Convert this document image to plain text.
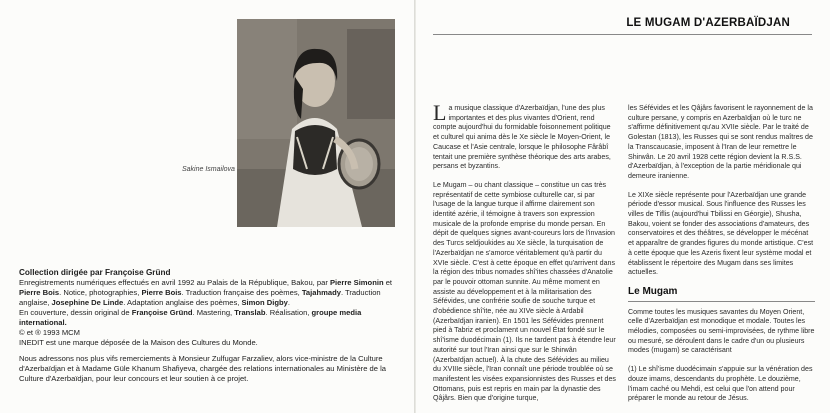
Sakine Ismailova
Collection dirigée par Françoise Gründ
Enregistrements numériques effectués en avril 1992 au Palais de la République, Bakou, par Pierre Simonin et Pierre Bois. Notice, photographies, Pierre Bois. Traduction française des poèmes, Tajahmady. Traduction anglaise, Josephine De Linde. Adaptation anglaise des poèmes, Simon Digby.
En couverture, dessin original de Françoise Gründ. Mastering, Translab. Réalisation, groupe media international.
© et ® 1993 MCM
INEDIT est une marque déposée de la Maison des Cultures du Monde.
Nous adressons nos plus vifs remerciements à Monsieur Zulfugar Farzaliev, alors vice-ministre de la Culture d'Azerbaïdjan et à Madame Güle Khanum Shafiyeva, chargée des relations internationales au Ministère de la Culture d'Azerbaïdjan, pour leur concours et leur soutien à ce projet.
LE MUGAM D'AZERBAÏDJAN

La musique classique d'Azerbaïdjan, l'une des plus importantes et des plus vivantes d'Orient, rend compte aujourd'hui du formidable foisonnement politique et culturel qui anima dès le Xe siècle le Moyen-Orient, le Caucase et l'Asie centrale, lorsque le philosophe Fârâbî tentait une première synthèse théorique des arts arabes, persans et byzantins.

Le Mugam – ou chant classique – constitue un cas très représentatif de cette symbiose culturelle car, si par l'usage de la langue turque il affirme clairement son identité azérie, il témoigne à travers son expression musicale de la profonde emprise du monde persan. En dépit de quelques signes avant-coureurs lors de l'invasion des Turcs seldjoukides au Xe siècle, la turquisation de l'Azerbaïdjan ne s'amorce véritablement qu'à partir du XVIe siècle. C'est à cette époque en effet qu'arrivent dans la région des tribus nomades shî'ites chassées d'Anatolie par le pouvoir ottoman sunnite. Au même moment en assiste au développement et à la militarisation des Séfévides, une confrérie soufie de souche turque et d'obédience shî'ite, née au XIVe siècle à Ardabil (Azerbaïdjan iranien). En 1501 les Séfévides prennent pied à Tabriz et proclament un nouvel État fondé sur le shî'isme duodécimain (1). Ils ne tardent pas à étendre leur autorité sur tout l'Iran ainsi que sur le Shirwân (Azerbaïdjan actuel). À la chute des Séfévides au milieu du XVIIIe siècle, l'Iran connaît une période troublée où se manifestent les visées expansionnistes des Russes et des Ottomans, puis est repris en main par la dynastie des Qâjârs. Bien que d'origine turque,

les Séfévides et les Qâjârs favorisent le rayonnement de la culture persane, y compris en Azerbaïdjan où le turc ne s'affirme définitivement qu'au XVIIe siècle. Par le traité de Golestan (1813), les Russes qui se sont rendus maîtres de la Transcaucasie, imposent à l'Iran de leur remettre le Shirwân. Le 20 avril 1928 cette région devient la R.S.S. d'Azerbaïdjan, à l'exception de la partie méridionale qui demeure iranienne.

Le XIXe siècle représente pour l'Azerbaïdjan une grande période d'essor musical. Sous l'influence des Russes les villes de Tiflis (aujourd'hui Tbilissi en Géorgie), Shusha, Bakou, voient se fonder des associations d'amateurs, des conservatoires et des théâtres, se développer le mécénat et apparaître de grandes figures du monde artistique. C'est à cette époque que les Azeris fixent leur système modal et établissent le répertoire des Mugam dans ses limites actuelles.

Le Mugam

Comme toutes les musiques savantes du Moyen Orient, celle d'Azerbaïdjan est monodique et modale. Toutes les mélodies, composées ou semi-improvisées, de rythme libre ou mesuré, se déroulent dans le cadre d'un ou plusieurs modes (mugam) se caractérisant

(1) Le shî'isme duodécimain s'appuie sur la vénération des douze imams, descendants du prophète. Le douzième, l'imam caché ou Mehdi, est celui que l'on attend pour préparer le monde au retour de Jésus.
